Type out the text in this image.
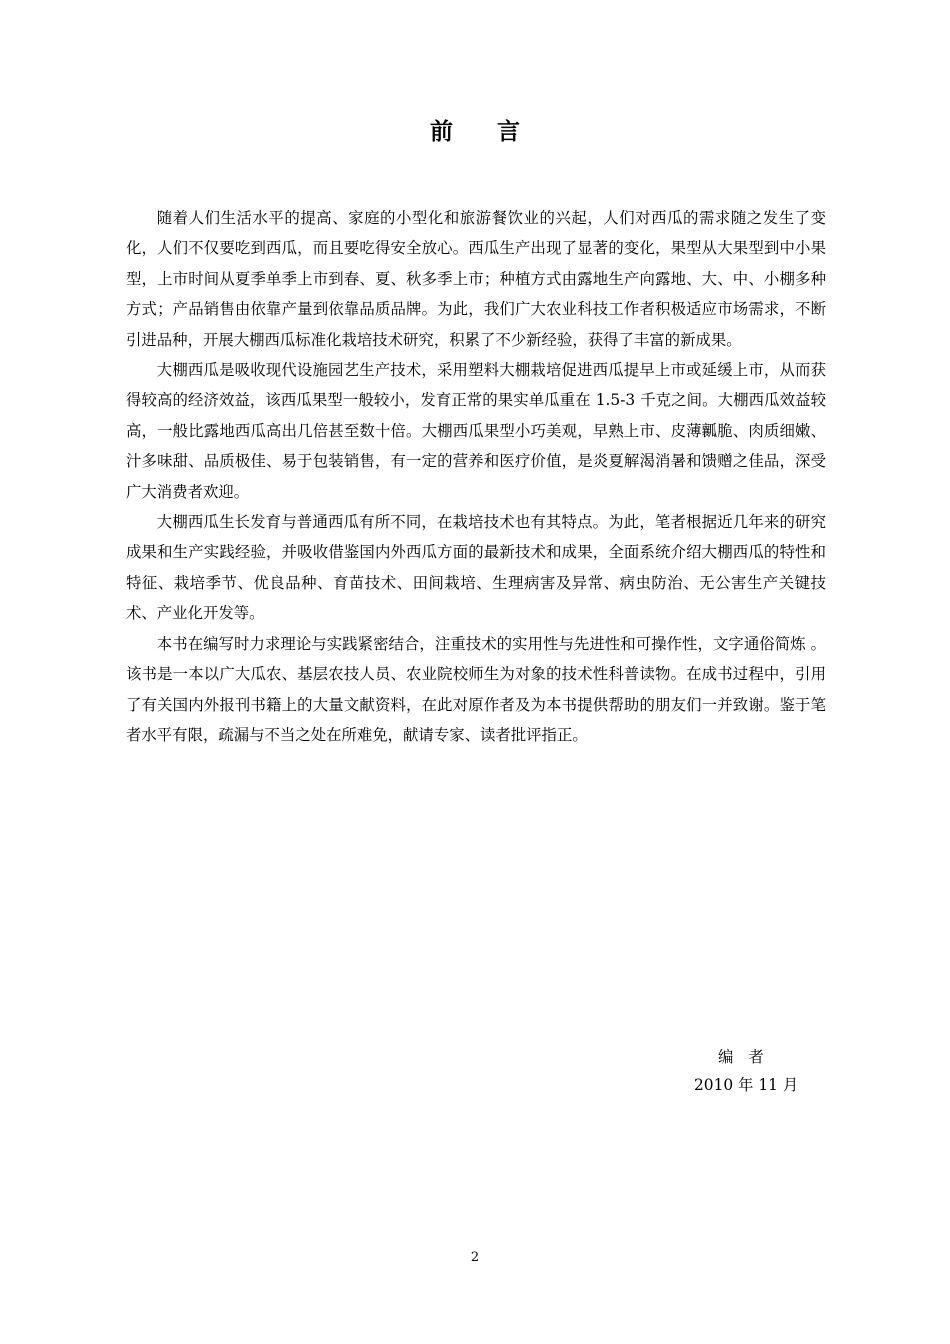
前 言

随着人们生活水平的提高、家庭的小型化和旅游餐饮业的兴起，人们对西瓜的需求随之发生了变化，人们不仅要吃到西瓜，而且要吃得安全放心。西瓜生产出现了显著的变化，果型从大果型到中小果型，上市时间从夏季单季上市到春、夏、秋多季上市；种植方式由露地生产向露地、大、中、小棚多种方式；产品销售由依靠产量到依靠品质品牌。为此，我们广大农业科技工作者积极适应市场需求，不断引进品种，开展大棚西瓜标准化栽培技术研究，积累了不少新经验，获得了丰富的新成果。

大棚西瓜是吸收现代设施园艺生产技术，采用塑料大棚栽培促进西瓜提早上市或延缓上市，从而获得较高的经济效益，该西瓜果型一般较小，发育正常的果实单瓜重在 1.5-3 千克之间。大棚西瓜效益较高，一般比露地西瓜高出几倍甚至数十倍。大棚西瓜果型小巧美观，早熟上市、皮薄瓤脆、肉质细嫩、汁多味甜、品质极佳、易于包装销售，有一定的营养和医疗价值，是炎夏解渴消暑和馈赠之佳品，深受广大消费者欢迎。

大棚西瓜生长发育与普通西瓜有所不同，在栽培技术也有其特点。为此，笔者根据近几年来的研究成果和生产实践经验，并吸收借鉴国内外西瓜方面的最新技术和成果，全面系统介绍大棚西瓜的特性和特征、栽培季节、优良品种、育苗技术、田间栽培、生理病害及异常、病虫防治、无公害生产关键技术、产业化开发等。

本书在编写时力求理论与实践紧密结合，注重技术的实用性与先进性和可操作性，文字通俗简炼 。该书是一本以广大瓜农、基层农技人员、农业院校师生为对象的技术性科普读物。在成书过程中，引用了有关国内外报刊书籍上的大量文献资料，在此对原作者及为本书提供帮助的朋友们一并致谢。鉴于笔者水平有限，疏漏与不当之处在所难免，献请专家、读者批评指正。

编者
2010 年 11 月
2
